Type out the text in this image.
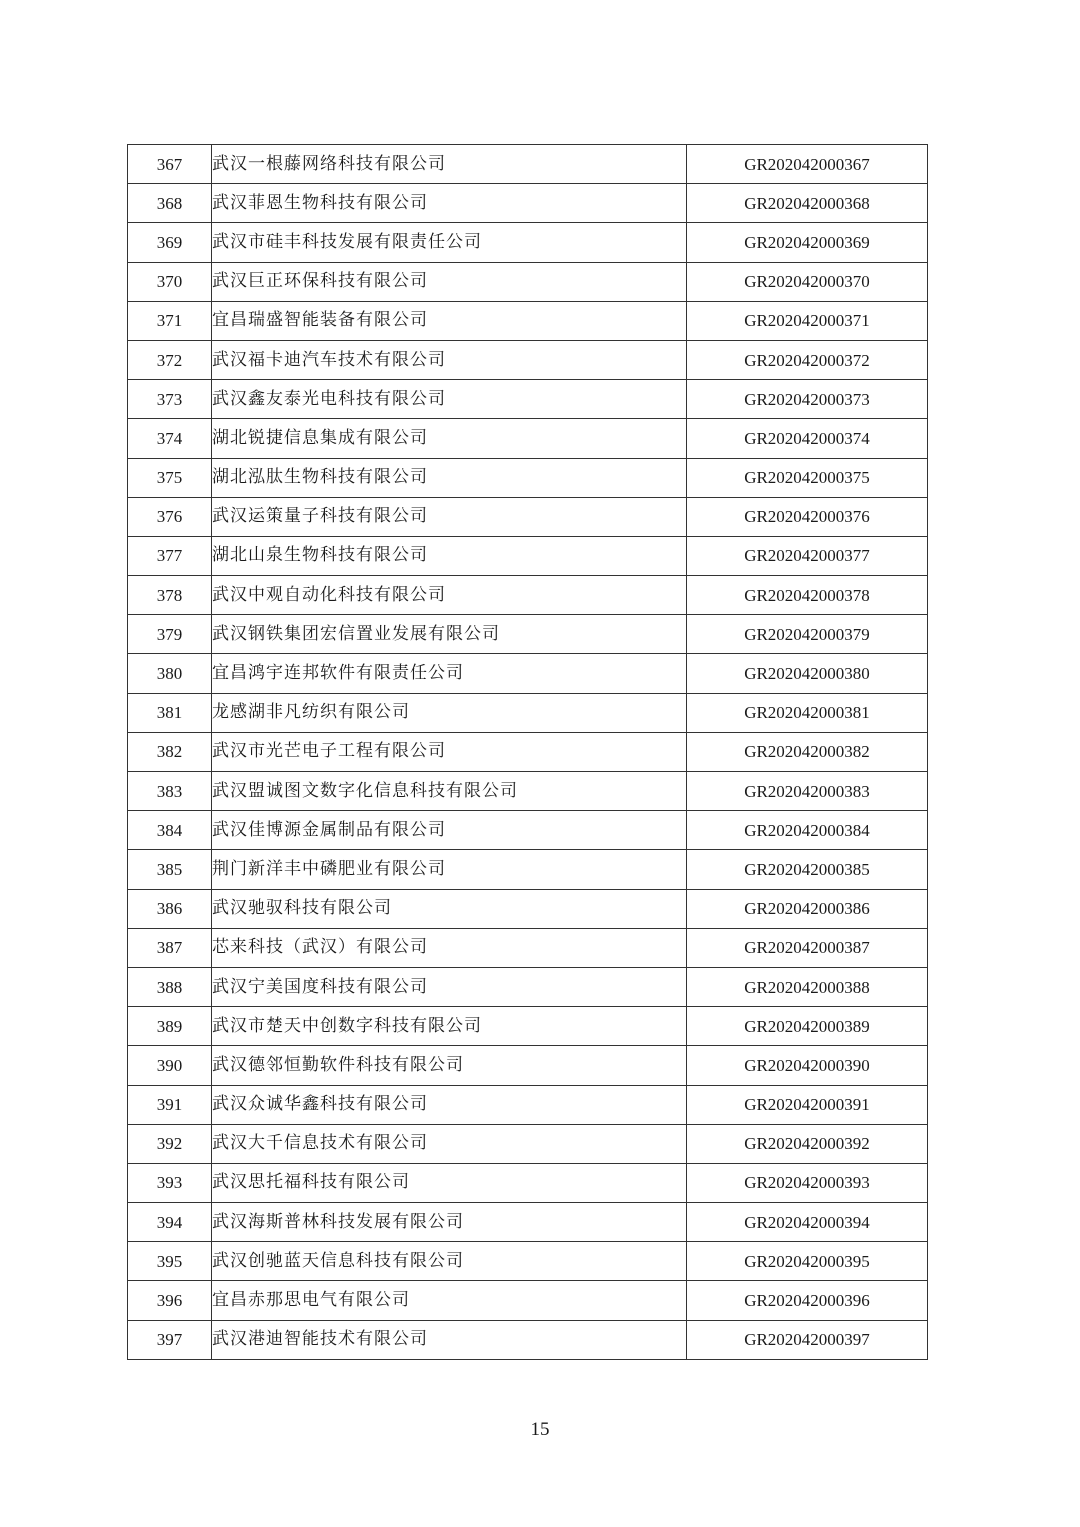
367	武汉一根藤网络科技有限公司	GR202042000367
368	武汉菲恩生物科技有限公司	GR202042000368
369	武汉市硅丰科技发展有限责任公司	GR202042000369
370	武汉巨正环保科技有限公司	GR202042000370
371	宜昌瑞盛智能装备有限公司	GR202042000371
372	武汉福卡迪汽车技术有限公司	GR202042000372
373	武汉鑫友泰光电科技有限公司	GR202042000373
374	湖北锐捷信息集成有限公司	GR202042000374
375	湖北泓肽生物科技有限公司	GR202042000375
376	武汉运策量子科技有限公司	GR202042000376
377	湖北山泉生物科技有限公司	GR202042000377
378	武汉中观自动化科技有限公司	GR202042000378
379	武汉钢铁集团宏信置业发展有限公司	GR202042000379
380	宜昌鸿宇连邦软件有限责任公司	GR202042000380
381	龙感湖非凡纺织有限公司	GR202042000381
382	武汉市光芒电子工程有限公司	GR202042000382
383	武汉盟诚图文数字化信息科技有限公司	GR202042000383
384	武汉佳博源金属制品有限公司	GR202042000384
385	荆门新洋丰中磷肥业有限公司	GR202042000385
386	武汉驰驭科技有限公司	GR202042000386
387	芯来科技（武汉）有限公司	GR202042000387
388	武汉宁美国度科技有限公司	GR202042000388
389	武汉市楚天中创数字科技有限公司	GR202042000389
390	武汉德邻恒勤软件科技有限公司	GR202042000390
391	武汉众诚华鑫科技有限公司	GR202042000391
392	武汉大千信息技术有限公司	GR202042000392
393	武汉思托福科技有限公司	GR202042000393
394	武汉海斯普林科技发展有限公司	GR202042000394
395	武汉创驰蓝天信息科技有限公司	GR202042000395
396	宜昌赤那思电气有限公司	GR202042000396
397	武汉港迪智能技术有限公司	GR202042000397
15
